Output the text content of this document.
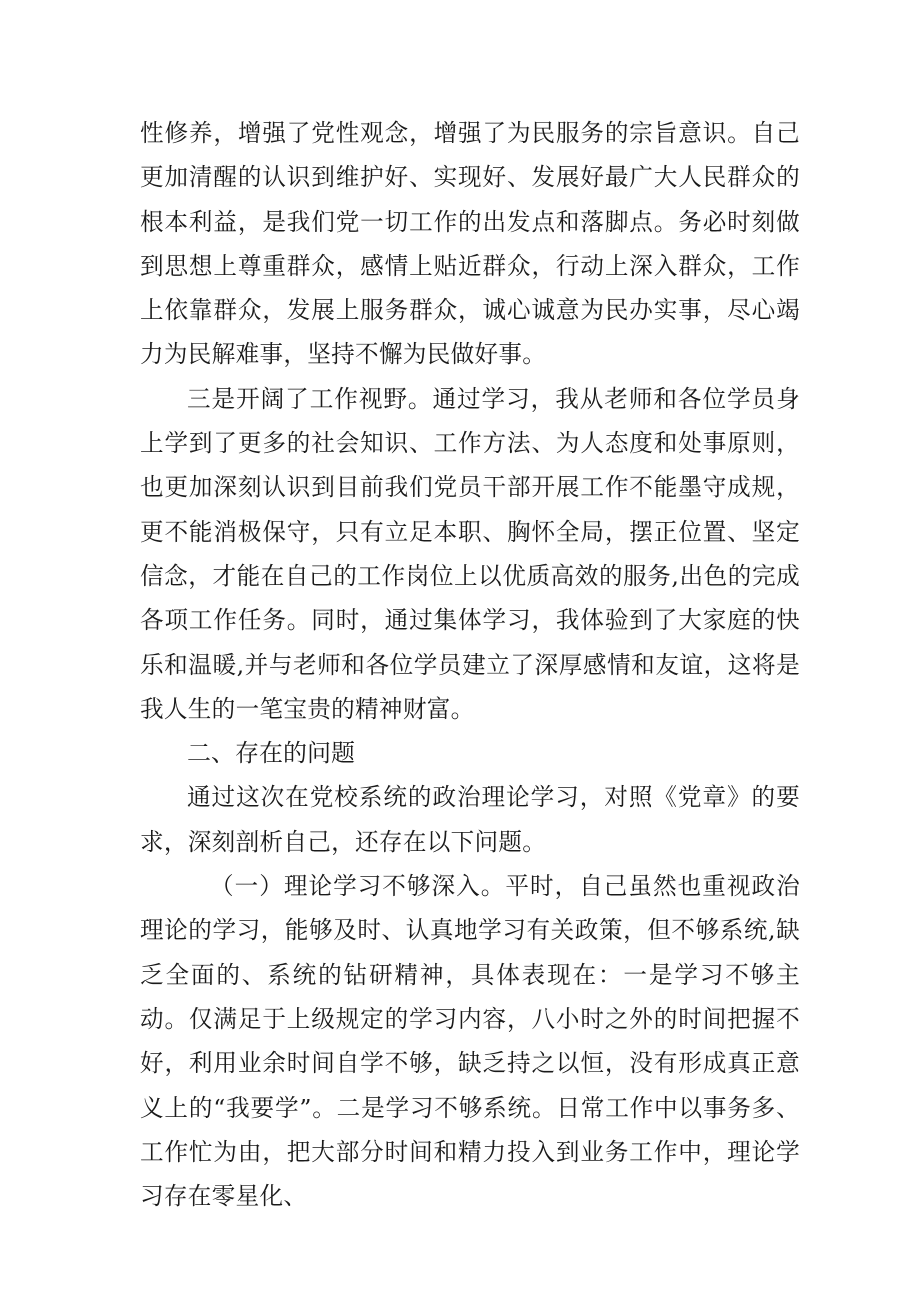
性修养，增强了党性观念，增强了为民服务的宗旨意识。自己更加清醒的认识到维护好、实现好、发展好最广大人民群众的根本利益，是我们党一切工作的出发点和落脚点。务必时刻做到思想上尊重群众，感情上贴近群众，行动上深入群众，工作上依靠群众，发展上服务群众，诚心诚意为民办实事，尽心竭力为民解难事，坚持不懈为民做好事。

三是开阔了工作视野。通过学习，我从老师和各位学员身上学到了更多的社会知识、工作方法、为人态度和处事原则，也更加深刻认识到目前我们党员干部开展工作不能墨守成规，更不能消极保守，只有立足本职、胸怀全局，摆正位置、坚定信念，才能在自己的工作岗位上以优质高效的服务,出色的完成各项工作任务。同时，通过集体学习，我体验到了大家庭的快乐和温暖,并与老师和各位学员建立了深厚感情和友谊，这将是我人生的一笔宝贵的精神财富。

二、存在的问题

通过这次在党校系统的政治理论学习，对照《党章》的要求，深刻剖析自己，还存在以下问题。

（一）理论学习不够深入。平时，自己虽然也重视政治理论的学习，能够及时、认真地学习有关政策，但不够系统,缺乏全面的、系统的钻研精神，具体表现在：一是学习不够主动。仅满足于上级规定的学习内容，八小时之外的时间把握不好，利用业余时间自学不够，缺乏持之以恒，没有形成真正意义上的“我要学”。二是学习不够系统。日常工作中以事务多、工作忙为由，把大部分时间和精力投入到业务工作中，理论学习存在零星化、
